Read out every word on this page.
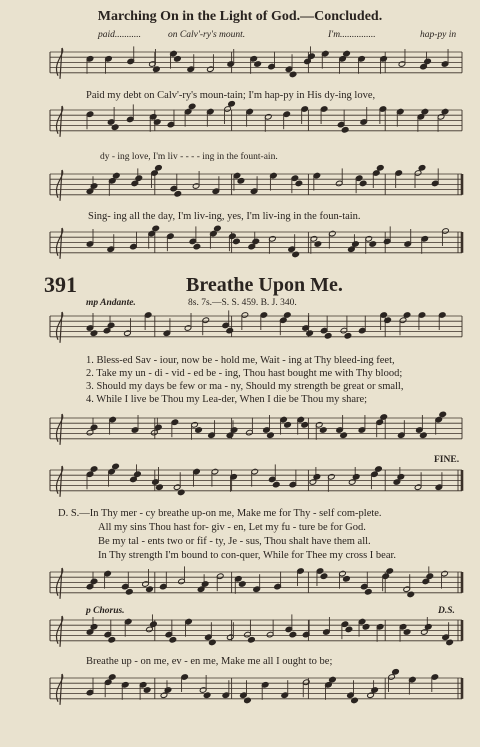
Marching On in the Light of God.—Concluded.
paid...........	on Calv'-ry's mount.	I'm...............	hap-py in
Paid my debt on Calv'-ry's moun-tain; I'm hap-py in His dy-ing love,
dy - ing love, I'm liv - - - - ing in the fount-ain.
Sing- ing all the day, I'm liv-ing, yes, I'm liv-ing in the foun-tain.
391	Breathe Upon Me.
mp Andante.	8s. 7s.—S. S. 459. B. J. 340.
1. Bless-ed Sav - iour, now be - hold me, Wait - ing at Thy bleed-ing feet,
2. Take my un - di - vid - ed be - ing, Thou hast bought me with Thy blood;
3. Should my days be few or ma - ny, Should my strength be great or small,
4. While I live be Thou my Lea-der, When I die be Thou my share;
FINE.
D. S.—In Thy mer - cy breathe up-on me, Make me for Thy - self com-plete.
All my sins Thou hast for- giv - en, Let my fu - ture be for God.
Be my tal - ents two or fif - ty, Je - sus, Thou shalt have them all.
In Thy strength I'm bound to con-quer, While for Thee my cross I bear.
p Chorus.	D.S.
Breathe up - on me, ev - en me, Make me all I ought to be;
